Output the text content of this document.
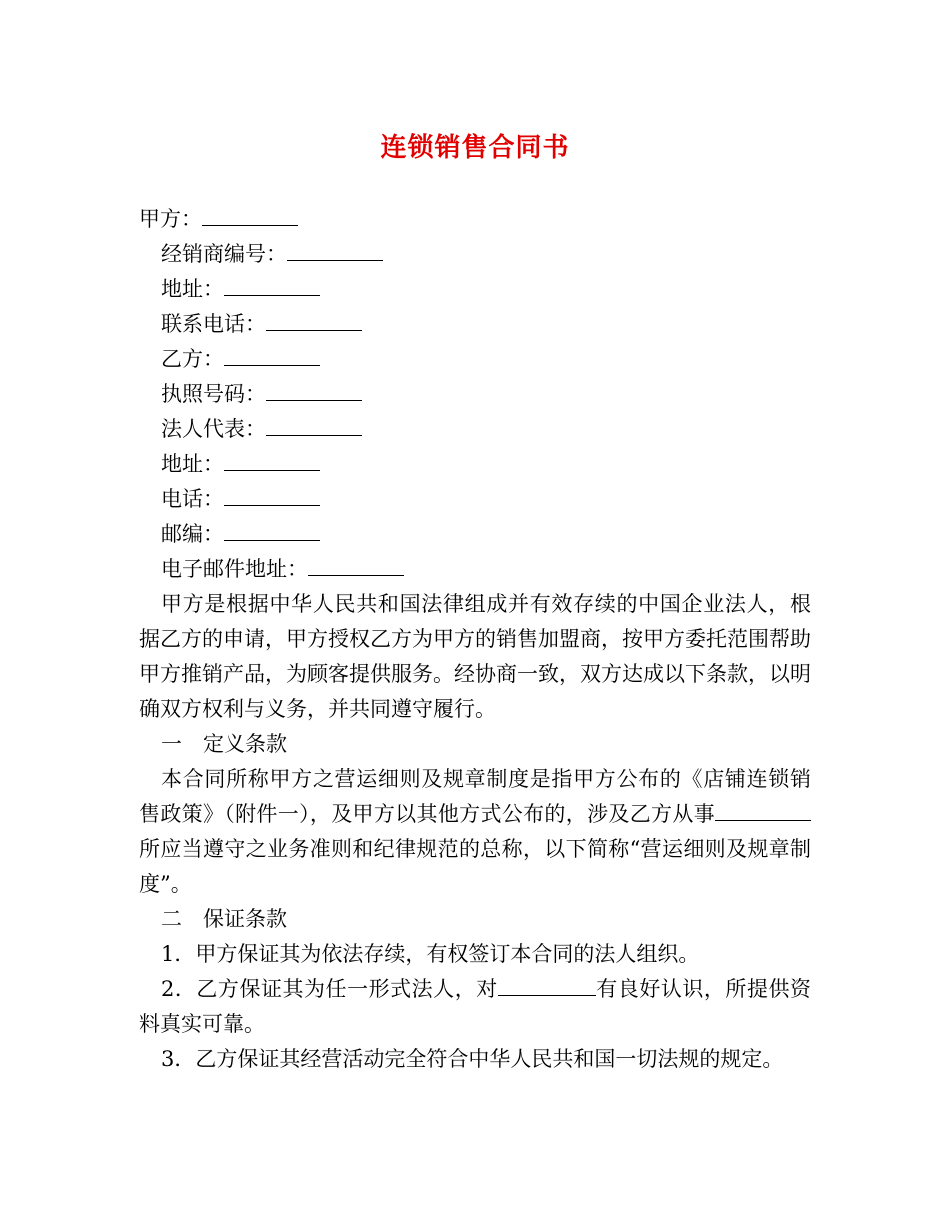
连锁销售合同书
甲方：
经销商编号：
地址：
联系电话：
乙方：
执照号码：
法人代表：
地址：
电话：
邮编：
电子邮件地址：
甲方是根据中华人民共和国法律组成并有效存续的中国企业法人，根据乙方的申请，甲方授权乙方为甲方的销售加盟商，按甲方委托范围帮助甲方推销产品，为顾客提供服务。经协商一致，双方达成以下条款，以明确双方权利与义务，并共同遵守履行。
一　定义条款
本合同所称甲方之营运细则及规章制度是指甲方公布的《店铺连锁销售政策》（附件一），及甲方以其他方式公布的，涉及乙方从事所应当遵守之业务准则和纪律规范的总称，以下简称“营运细则及规章制度”。
二　保证条款
1．甲方保证其为依法存续，有权签订本合同的法人组织。
2．乙方保证其为任一形式法人，对	有良好认识，所提供资料真实可靠。
3．乙方保证其经营活动完全符合中华人民共和国一切法规的规定。
